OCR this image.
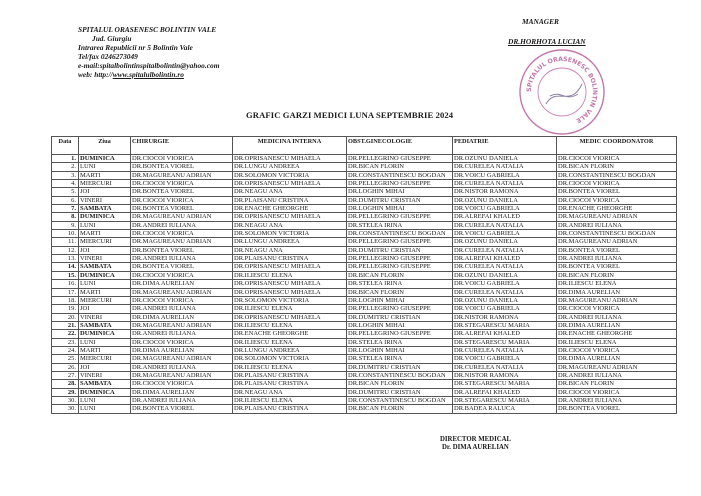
SPITALUL ORASENESC BOLINTIN VALE
Jud. Giurgiu
Intrarea Republicii nr 5 Bolintin Vale
Tel/fax 0246273049
e-mail:spitalbolintinspitalbolintin@yahoo.com
web: http://www.spitalulbolintin.ro
MANAGER
DR.HORHOTA LUCIAN
SPITALUL ORASENESC BOLINTIN VALE
GRAFIC GARZI MEDICI LUNA SEPTEMBRIE 2024
Data	Ziua	CHIRURGIE	MEDICINA INTERNA	OBST.GINECOLOGIE	PEDIATRIE	MEDIC COORDONATOR
1.	DUMINICA	DR.CIOCOI VIORICA	DR.OPRISANESCU MIHAELA	DR.PELLEGRINO GIUSEPPE	DR.OZUNU DANIELA	DR.CIOCOI VIORICA
2.	LUNI	DR.BONTEA VIOREL	DR.LUNGU ANDREEA	DR.BICAN FLORIN	DR.CURELEA NATALIA	DR.BICAN FLORIN
3.	MARTI	DR.MAGUREANU ADRIAN	DR.SOLOMON VICTORIA	DR.CONSTANTINESCU BOGDAN	DR.VOICU GABRIELA	DR.CONSTANTINESCU BOGDAN
4.	MIERCURI	DR.CIOCOI VIORICA	DR.OPRISANESCU MIHAELA	DR.PELLEGRINO GIUSEPPE	DR.CURELEA NATALIA	DR.CIOCOI VIORICA
5.	JOI	DR.BONTEA VIOREL	DR.NEAGU ANA	DR.LOGHIN MIHAI	DR.NISTOR RAMONA	DR.BONTEA VIOREL
6.	VINERI	DR.CIOCOI VIORICA	DR.PLAISANU CRISTINA	DR.DUMITRU CRISTIAN	DR.OZUNU DANIELA	DR.CIOCOI VIORICA
7.	SAMBATA	DR.BONTEA VIOREL	DR.ENACHE GHEORGHE	DR.LOGHIN MIHAI	DR.VOICU GABRIELA	DR.ENACHE GHEORGHE
8.	DUMINICA	DR.MAGUREANU ADRIAN	DR.OPRISANESCU MIHAELA	DR.PELLEGRINO GIUSEPPE	DR.ALREFAI KHALED	DR.MAGUREANU ADRIAN
9.	LUNI	DR.ANDREI IULIANA	DR.NEAGU ANA	DR.STELEA IRINA	DR.CURELEA NATALIA	DR.ANDREI IULIANA
10.	MARTI	DR.CIOCOI VIORICA	DR.SOLOMON VICTORIA	DR.CONSTANTINESCU BOGDAN	DR.VOICU GABRIELA	DR.CONSTANTINESCU BOGDAN
11.	MIERCURI	DR.MAGUREANU ADRIAN	DR.LUNGU ANDREEA	DR.PELLEGRINO GIUSEPPE	DR.OZUNU DANIELA	DR.MAGUREANU ADRIAN
12.	JOI	DR.BONTEA VIOREL	DR.NEAGU ANA	DR.DUMITRU CRISTIAN	DR.CURELEA NATALIA	DR.BONTEA VIOREL
13.	VINERI	DR.ANDREI IULIANA	DR.PLAISANU CRISTINA	DR.PELLEGRINO GIUSEPPE	DR.ALREFAI KHALED	DR.ANDREI IULIANA
14.	SAMBATA	DR.BONTEA VIOREL	DR.OPRISANESCU MIHAELA	DR.PELLEGRINO GIUSEPPE	DR.CURELEA NATALIA	DR.BONTEA VIOREL
15.	DUMINICA	DR.CIOCOI VIORICA	DR.ILIESCU ELENA	DR.BICAN FLORIN	DR.OZUNU DANIELA	DR.BICAN FLORIN
16.	LUNI	DR.DIMA AURELIAN	DR.OPRISANESCU MIHAELA	DR.STELEA IRINA	DR.VOICU GABRIELA	DR.ILIESCU ELENA
17.	MARTI	DR.MAGUREANU ADRIAN	DR.OPRISANESCU MIHAELA	DR.BICAN FLORIN	DR.CURELEA NATALIA	DR.DIMA AURELIAN
18.	MIERCURI	DR.CIOCOI VIORICA	DR.SOLOMON VICTORIA	DR.LOGHIN MIHAI	DR.OZUNU DANIELA	DR.MAGUREANU ADRIAN
19.	JOI	DR.ANDREI IULIANA	DR.ILIESCU ELENA	DR.PELLEGRINO GIUSEPPE	DR.VOICU GABRIELA	DR.CIOCOI VIORICA
20.	VINERI	DR.DIMA AURELIAN	DR.OPRISANESCU MIHAELA	DR.DUMITRU CRISTIAN	DR.NISTOR RAMONA	DR.ANDREI IULIANA
21.	SAMBATA	DR.MAGUREANU ADRIAN	DR.ILIESCU ELENA	DR.LOGHIN MIHAI	DR.STEGARESCU MARIA	DR.DIMA AURELIAN
22.	DUMINICA	DR.ANDREI IULIANA	DR.ENACHE GHEORGHE	DR.PELLEGRINO GIUSEPPE	DR.ALREFAI KHALED	DR.ENACHE GHEORGHE
23.	LUNI	DR.CIOCOI VIORICA	DR.ILIESCU ELENA	DR.STELEA IRINA	DR.STEGARESCU MARIA	DR.ILIESCU ELENA
24.	MARTI	DR.DIMA AURELIAN	DR.LUNGU ANDREEA	DR.LOGHIN MIHAI	DR.CURELEA NATALIA	DR.CIOCOI VIORICA
25.	MIERCURI	DR.MAGUREANU ADRIAN	DR.SOLOMON VICTORIA	DR.STELEA IRINA	DR.VOICU GABRIELA	DR.DIMA AURELIAN
26.	JOI	DR.ANDREI IULIANA	DR.ILIESCU ELENA	DR.DUMITRU CRISTIAN	DR.CURELEA NATALIA	DR.MAGUREANU ADRIAN
27.	VINERI	DR.MAGUREANU ADRIAN	DR.PLAISANU CRISTINA	DR.CONSTANTINESCU BOGDAN	DR.NISTOR RAMONA	DR.ANDREI IULIANA
28.	SAMBATA	DR.CIOCOI VIORICA	DR.PLAISANU CRISTINA	DR.BICAN FLORIN	DR.STEGARESCU MARIA	DR.BICAN FLORIN
29.	DUMINICA	DR.DIMA AURELIAN	DR.NEAGU ANA	DR.DUMITRU CRISTIAN	DR.ALREFAI KHALED	DR.CIOCOI VIORICA
30.	LUNI	DR.ANDREI IULIANA	DR.ILIESCU ELENA	DR.CONSTANTINESCU BOGDAN	DR.STEGARESCU MARIA	DR.ANDREI IULIANA
30.	LUNI	DR.BONTEA VIOREL	DR.PLAISANU CRISTINA	DR.BICAN FLORIN	DR.BADEA RALUCA	DR.BONTEA VIOREL
DIRECTOR MEDICAL
Dr. DIMA AURELIAN
